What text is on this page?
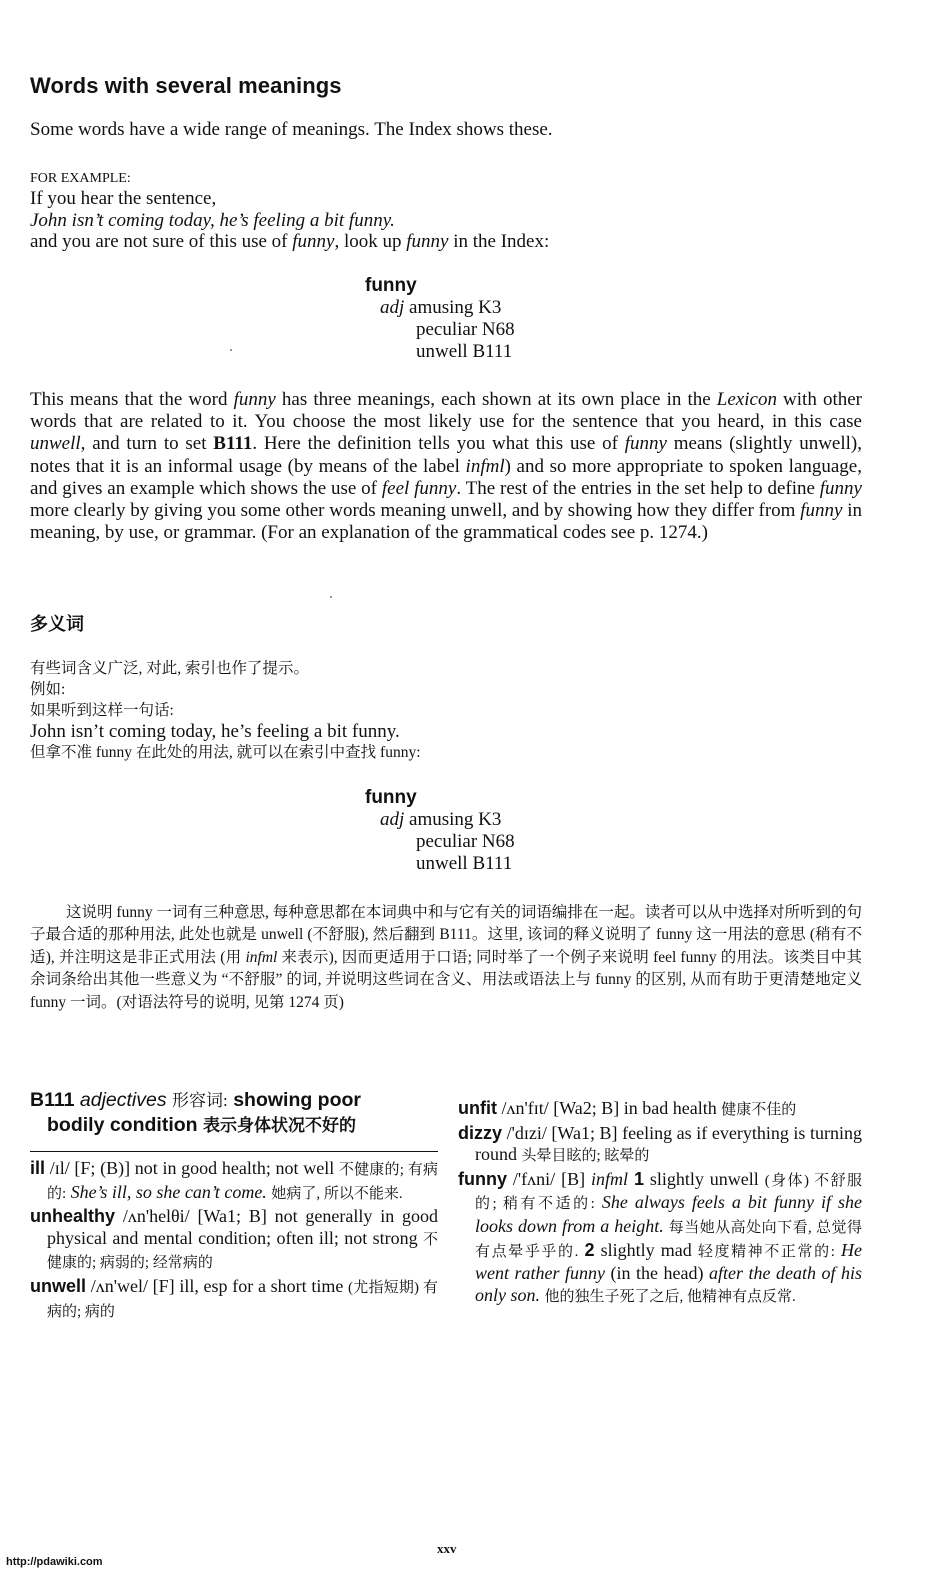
Words with several meanings
Some words have a wide range of meanings. The Index shows these.
FOR EXAMPLE:
If you hear the sentence,
John isn’t coming today, he’s feeling a bit funny.
and you are not sure of this use of funny, look up funny in the Index:
funny
adj amusing K3
peculiar N68
unwell B111
This means that the word funny has three meanings, each shown at its own place in the Lexicon with other words that are related to it. You choose the most likely use for the sentence that you heard, in this case unwell, and turn to set B111. Here the definition tells you what this use of funny means (slightly unwell), notes that it is an informal usage (by means of the label infml) and so more appropriate to spoken language, and gives an example which shows the use of feel funny. The rest of the entries in the set help to define funny more clearly by giving you some other words meaning unwell, and by showing how they differ from funny in meaning, by use, or grammar. (For an explanation of the grammatical codes see p. 1274.)
多义词
有些词含义广泛, 对此, 索引也作了提示。
例如:
如果听到这样一句话:
John isn’t coming today, he’s feeling a bit funny.
但拿不准 funny 在此处的用法, 就可以在索引中查找 funny:
funny
adj amusing K3
peculiar N68
unwell B111
这说明 funny 一词有三种意思, 每种意思都在本词典中和与它有关的词语编排在一起。读者可以从中选择对所听到的句子最合适的那种用法, 此处也就是 unwell (不舒服), 然后翻到 B111。这里, 该词的释义说明了 funny 这一用法的意思 (稍有不适), 并注明这是非正式用法 (用 infml 来表示), 因而更适用于口语; 同时举了一个例子来说明 feel funny 的用法。该类目中其余词条给出其他一些意义为 “不舒服” 的词, 并说明这些词在含义、用法或语法上与 funny 的区别, 从而有助于更清楚地定义 funny 一词。(对语法符号的说明, 见第 1274 页)
B111 adjectives 形容词: showing poor
bodily condition 表示身体状况不好的
ill /ɪl/ [F; (B)] not in good health; not well 不健康的; 有病的: She’s ill, so she can’t come. 她病了, 所以不能来.
unhealthy /ʌn'helθi/ [Wa1; B] not generally in good physical and mental condition; often ill; not strong 不健康的; 病弱的; 经常病的
unwell /ʌn'wel/ [F] ill, esp for a short time (尤指短期) 有病的; 病的
unfit /ʌn'fɪt/ [Wa2; B] in bad health 健康不佳的
dizzy /'dɪzi/ [Wa1; B] feeling as if everything is turning round 头晕目眩的; 眩晕的
funny /'fʌni/ [B] infml 1 slightly unwell (身体) 不舒服的; 稍有不适的: She always feels a bit funny if she looks down from a height. 每当她从高处向下看, 总觉得有点晕乎乎的. 2 slightly mad 轻度精神不正常的: He went rather funny (in the head) after the death of his only son. 他的独生子死了之后, 他精神有点反常.
xxv
http://pdawiki.com
